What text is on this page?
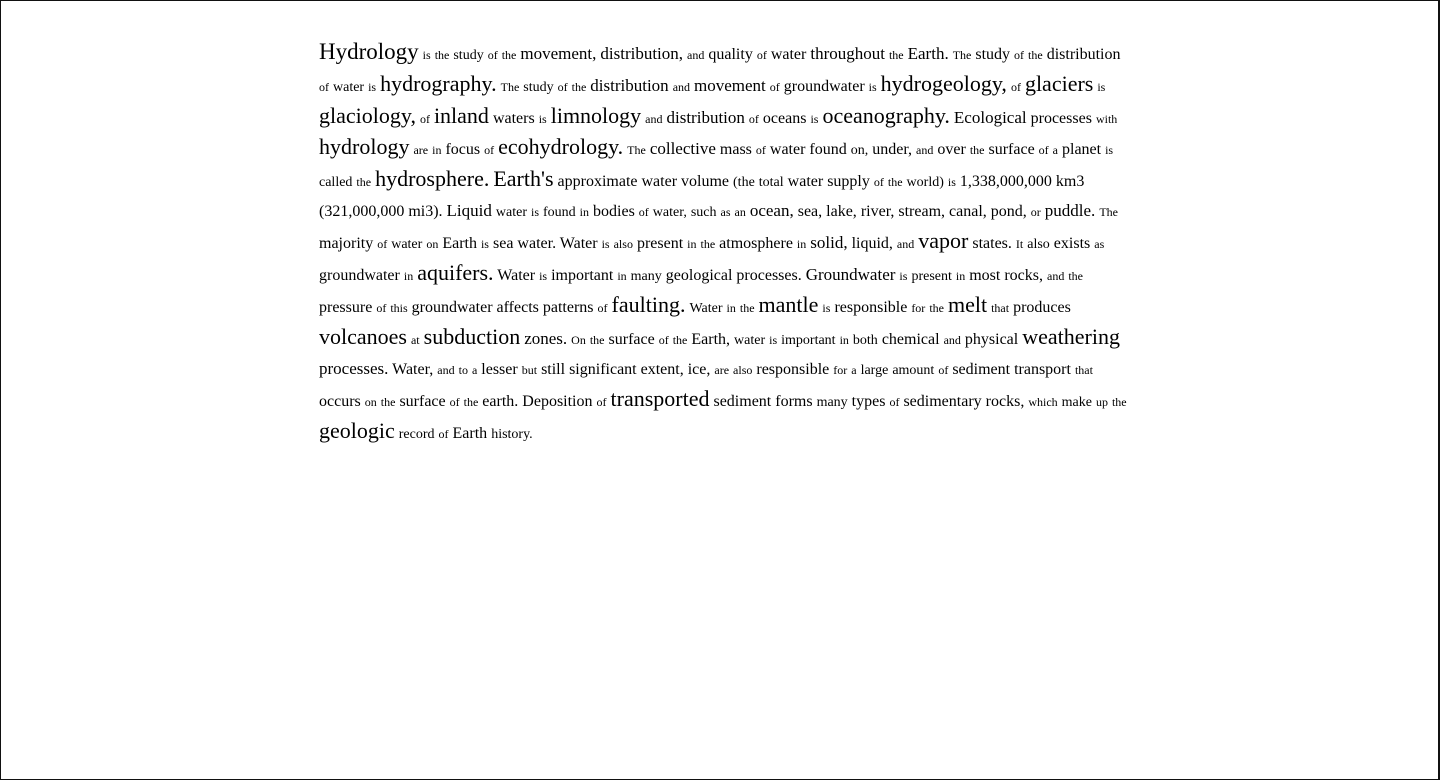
Hydrology is the study of the movement, distribution, and quality of water throughout the Earth. The study of the distribution of water is hydrography. The study of the distribution and movement of groundwater is hydrogeology, of glaciers is glaciology, of inland waters is limnology and distribution of oceans is oceanography. Ecological processes with hydrology are in focus of ecohydrology. The collective mass of water found on, under, and over the surface of a planet is called the hydrosphere. Earth's approximate water volume (the total water supply of the world) is 1,338,000,000 km3 (321,000,000 mi3). Liquid water is found in bodies of water, such as an ocean, sea, lake, river, stream, canal, pond, or puddle. The majority of water on Earth is sea water. Water is also present in the atmosphere in solid, liquid, and vapor states. It also exists as groundwater in aquifers. Water is important in many geological processes. Groundwater is present in most rocks, and the pressure of this groundwater affects patterns of faulting. Water in the mantle is responsible for the melt that produces volcanoes at subduction zones. On the surface of the Earth, water is important in both chemical and physical weathering processes. Water, and to a lesser but still significant extent, ice, are also responsible for a large amount of sediment transport that occurs on the surface of the earth. Deposition of transported sediment forms many types of sedimentary rocks, which make up the geologic record of Earth history.
